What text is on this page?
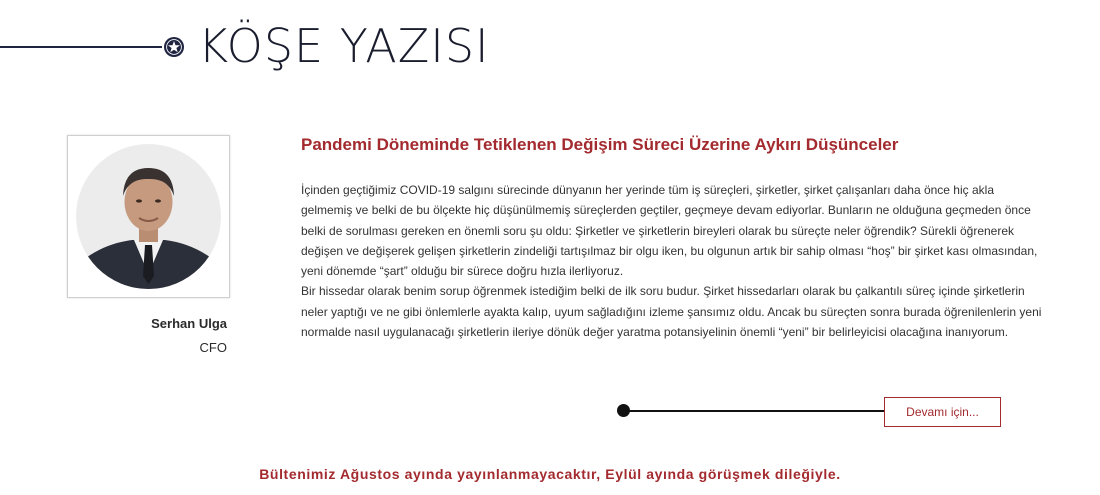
KÖŞE YAZISI
Serhan Ulga
CFO
Pandemi Döneminde Tetiklenen Değişim Süreci Üzerine Aykırı Düşünceler

İçinden geçtiğimiz COVID-19 salgını sürecinde dünyanın her yerinde tüm iş süreçleri, şirketler, şirket çalışanları daha önce hiç akla gelmemiş ve belki de bu ölçekte hiç düşünülmemiş süreçlerden geçtiler, geçmeye devam ediyorlar. Bunların ne olduğuna geçmeden önce belki de sorulması gereken en önemli soru şu oldu: Şirketler ve şirketlerin bireyleri olarak bu süreçte neler öğrendik? Sürekli öğrenerek değişen ve değişerek gelişen şirketlerin zindeliği tartışılmaz bir olgu iken, bu olgunun artık bir sahip olması “hoş” bir şirket kası olmasından, yeni dönemde “şart” olduğu bir sürece doğru hızla ilerliyoruz.

Bir hissedar olarak benim sorup öğrenmek istediğim belki de ilk soru budur. Şirket hissedarları olarak bu çalkantılı süreç içinde şirketlerin neler yaptığı ve ne gibi önlemlerle ayakta kalıp, uyum sağladığını izleme şansımız oldu. Ancak bu süreçten sonra burada öğrenilenlerin yeni normalde nasıl uygulanacağı şirketlerin ileriye dönük değer yaratma potansiyelinin önemli “yeni” bir belirleyicisi olacağına inanıyorum.

Devamı için...
Bültenimiz Ağustos ayında yayınlanmayacaktır, Eylül ayında görüşmek dileğiyle.
